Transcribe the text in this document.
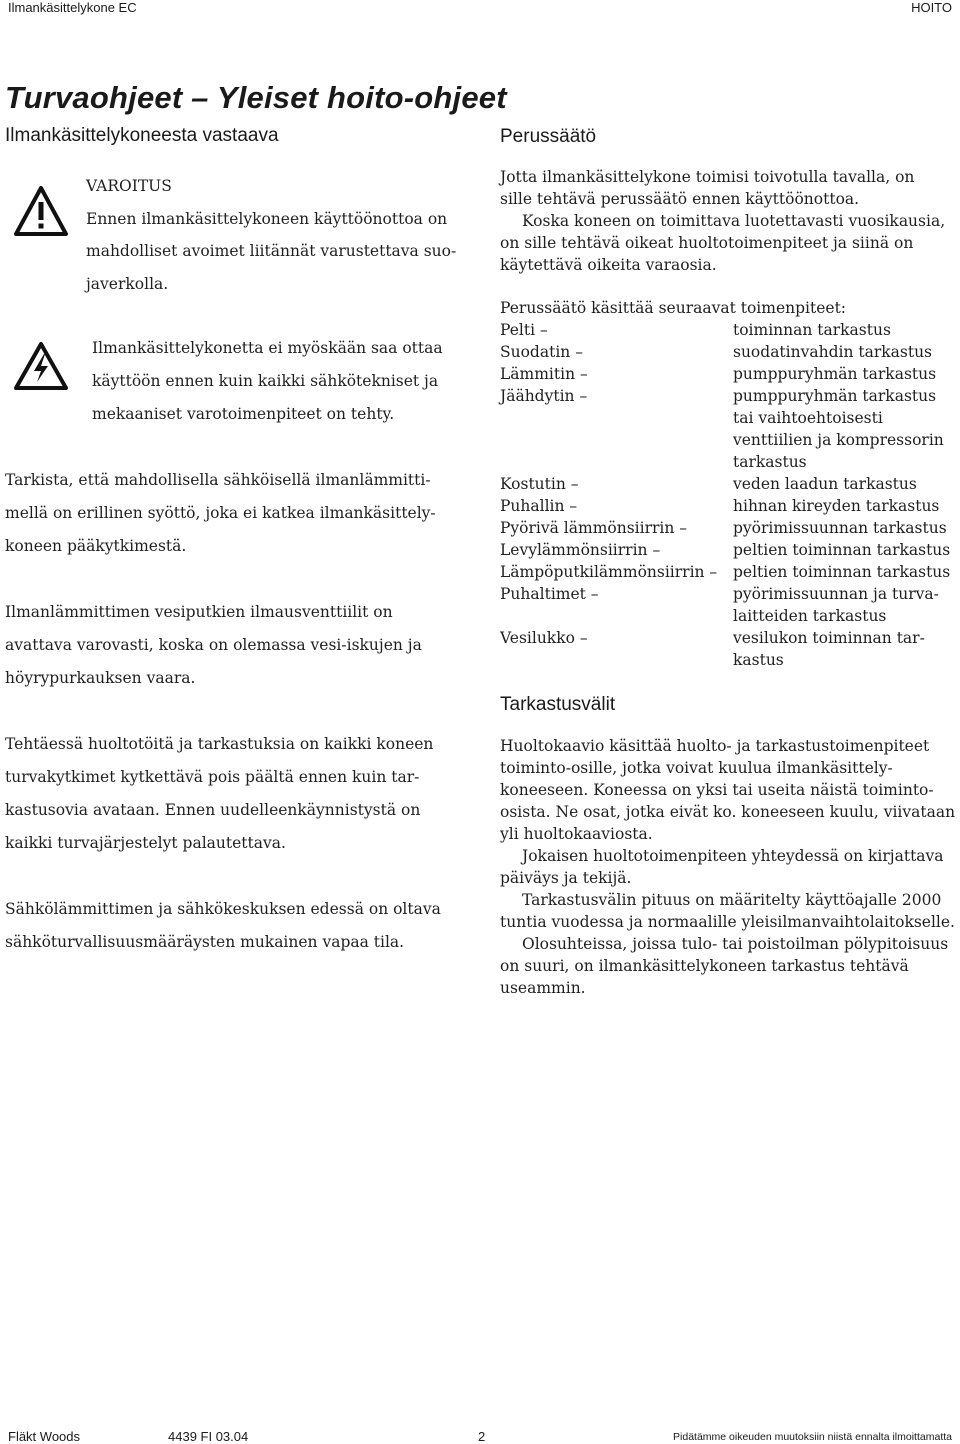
Ilmankäsittelykone EC	HOITO
Turvaohjeet – Yleiset hoito-ohjeet
Ilmankäsittelykoneesta vastaava	Perussäätö
VAROITUS
Ennen ilmankäsittelykoneen käyttöönottoa on
mahdolliset avoimet liitännät varustettava suo-
javerkolla.
Ilmankäsittelykonetta ei myöskään saa ottaa
käyttöön ennen kuin kaikki sähkötekniset ja
mekaaniset varotoimenpiteet on tehty.
Tarkista, että mahdollisella sähköisellä ilmanlämmitti-
mellä on erillinen syöttö, joka ei katkea ilmankäsittely-
koneen pääkytkimestä.
Ilmanlämmittimen vesiputkien ilmausventtiilit on
avattava varovasti, koska on olemassa vesi-iskujen ja
höyrypurkauksen vaara.
Tehtäessä huoltotöitä ja tarkastuksia on kaikki koneen
turvakytkimet kytkettävä pois päältä ennen kuin tar-
kastusovia avataan. Ennen uudelleenkäynnistystä on
kaikki turvajärjestelyt palautettava.
Sähkölämmittimen ja sähkökeskuksen edessä on oltava
sähköturvallisuusmääräysten mukainen vapaa tila.
Jotta ilmankäsittelykone toimisi toivotulla tavalla, on
sille tehtävä perussäätö ennen käyttöönottoa.
Koska koneen on toimittava luotettavasti vuosikausia,
on sille tehtävä oikeat huoltotoimenpiteet ja siinä on
käytettävä oikeita varaosia.
Perussäätö käsittää seuraavat toimenpiteet:
Pelti –	toiminnan tarkastus
Suodatin –	suodatinvahdin tarkastus
Lämmitin –	pumppuryhmän tarkastus
Jäähdytin –	pumppuryhmän tarkastus
tai vaihtoehtoisesti
venttiilien ja kompressorin
tarkastus
Kostutin –	veden laadun tarkastus
Puhallin –	hihnan kireyden tarkastus
Pyörivä lämmönsiirrin –	pyörimissuunnan tarkastus
Levylämmönsiirrin –	peltien toiminnan tarkastus
Lämpöputkilämmönsiirrin – peltien toiminnan tarkastus
Puhaltimet –	pyörimissuunnan ja turva-
laitteiden tarkastus
Vesilukko –	vesilukon toiminnan tar-
kastus
Tarkastusvälit
Huoltokaavio käsittää huolto- ja tarkastustoimenpiteet
toiminto-osille, jotka voivat kuulua ilmankäsittely-
koneeseen. Koneessa on yksi tai useita näistä toiminto-
osista. Ne osat, jotka eivät ko. koneeseen kuulu, viivataan
yli huoltokaaviosta.
Jokaisen huoltotoimenpiteen yhteydessä on kirjattava
päiväys ja tekijä.
Tarkastusvälin pituus on määritelty käyttöajalle 2000
tuntia vuodessa ja normaalille yleisilmanvaihtolaitokselle.
Olosuhteissa, joissa tulo- tai poistoilman pölypitoisuus
on suuri, on ilmankäsittelykoneen tarkastus tehtävä
useammin.
Fläkt Woods	4439 FI 03.04	2	Pidätämme oikeuden muutoksiin niistä ennalta ilmoittamatta
